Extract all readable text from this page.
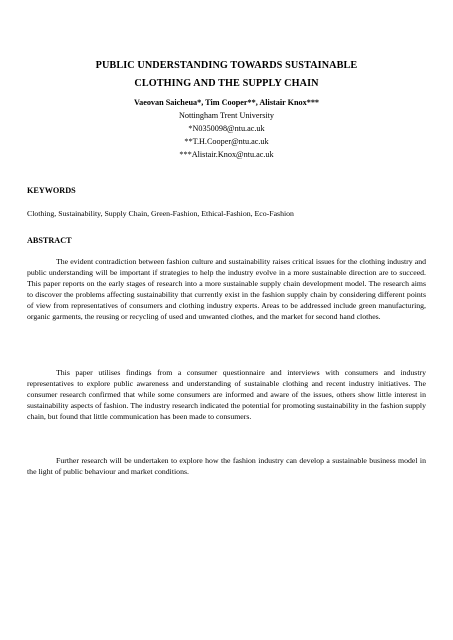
PUBLIC UNDERSTANDING TOWARDS SUSTAINABLE
CLOTHING AND THE SUPPLY CHAIN
Vaeovan Saicheua*, Tim Cooper**, Alistair Knox***
Nottingham Trent University
*N0350098@ntu.ac.uk
**T.H.Cooper@ntu.ac.uk
***Alistair.Knox@ntu.ac.uk
KEYWORDS
Clothing, Sustainability, Supply Chain, Green-Fashion, Ethical-Fashion, Eco-Fashion
ABSTRACT
The evident contradiction between fashion culture and sustainability raises critical issues for the clothing industry and public understanding will be important if strategies to help the industry evolve in a more sustainable direction are to succeed. This paper reports on the early stages of research into a more sustainable supply chain development model. The research aims to discover the problems affecting sustainability that currently exist in the fashion supply chain by considering different points of view from representatives of consumers and clothing industry experts. Areas to be addressed include green manufacturing, organic garments, the reusing or recycling of used and unwanted clothes, and the market for second hand clothes.
This paper utilises findings from a consumer questionnaire and interviews with consumers and industry representatives to explore public awareness and understanding of sustainable clothing and recent industry initiatives. The consumer research confirmed that while some consumers are informed and aware of the issues, others show little interest in sustainability aspects of fashion. The industry research indicated the potential for promoting sustainability in the fashion supply chain, but found that little communication has been made to consumers.
Further research will be undertaken to explore how the fashion industry can develop a sustainable business model in the light of public behaviour and market conditions.
